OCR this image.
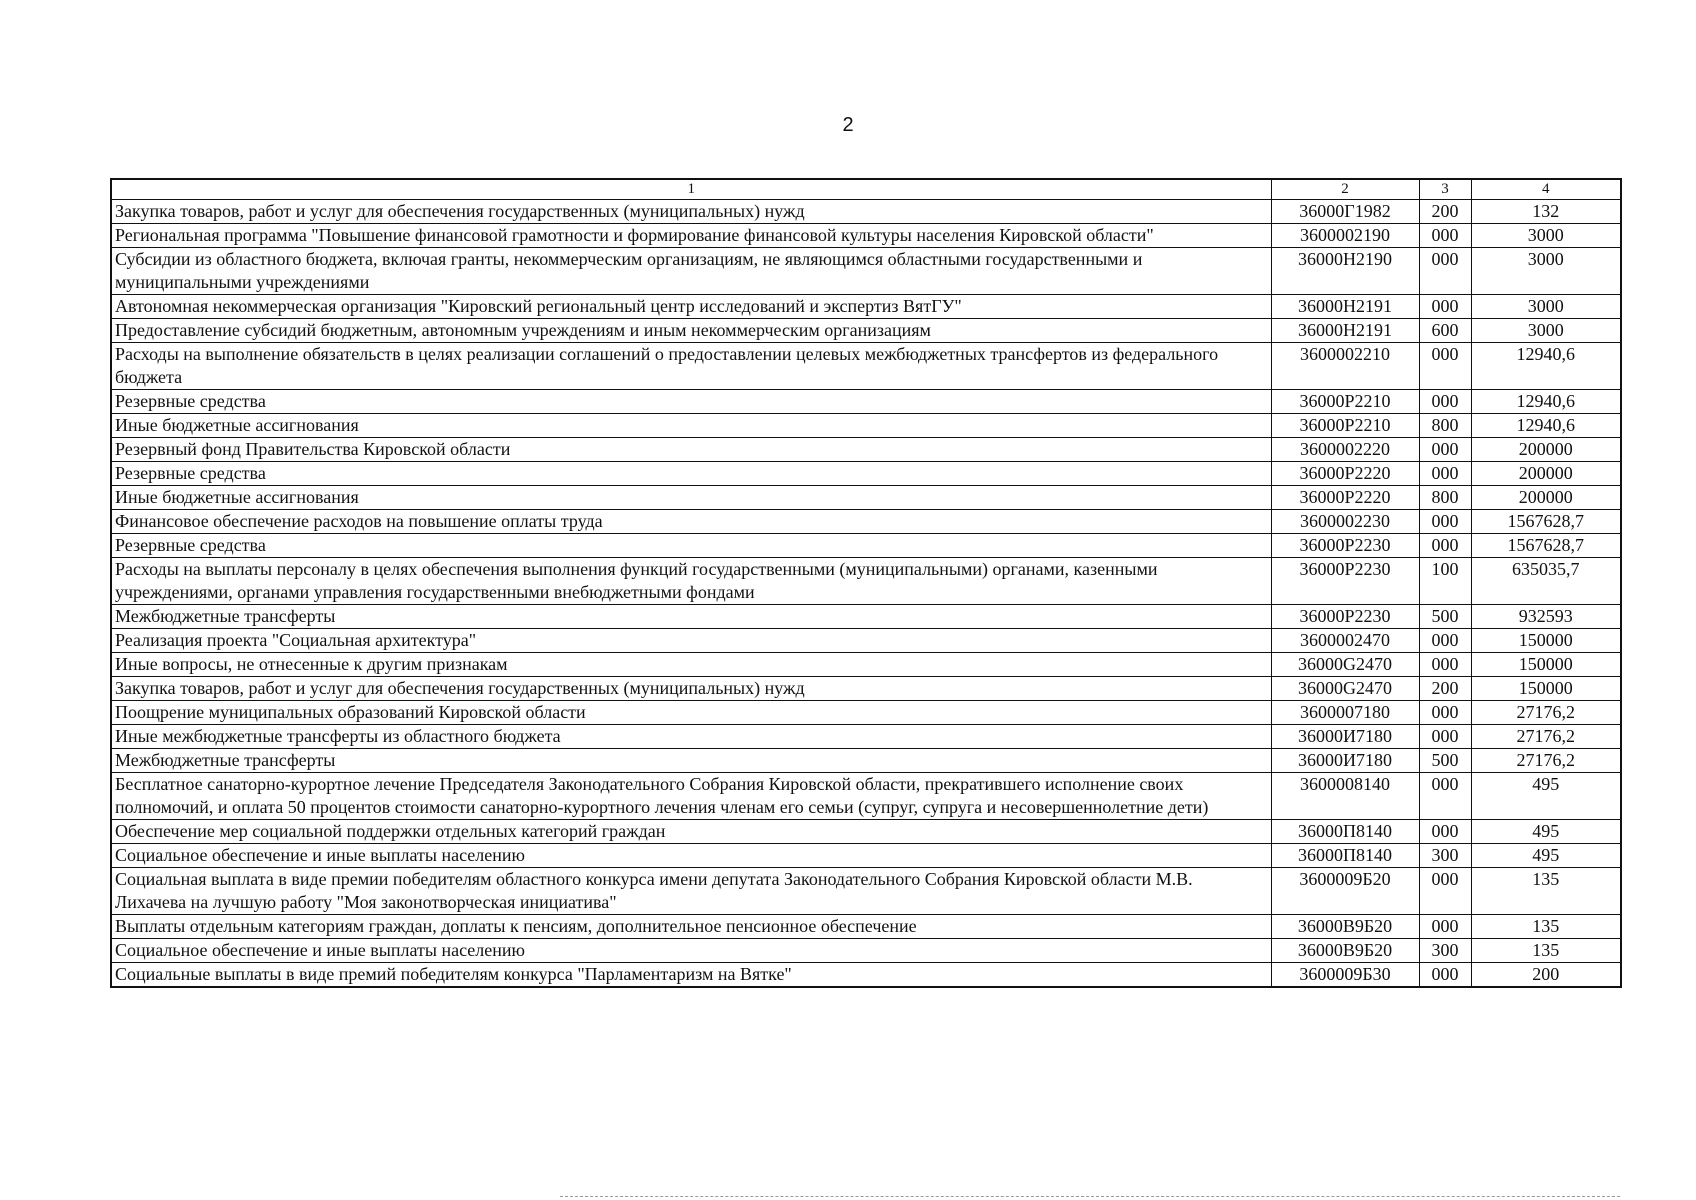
2
1	2	3	4
Закупка товаров, работ и услуг для обеспечения государственных (муниципальных) нужд	36000Г1982	200	132
Региональная программа "Повышение финансовой грамотности и формирование финансовой культуры населения Кировской области"	3600002190	000	3000
Субсидии из областного бюджета, включая гранты, некоммерческим организациям, не являющимся областными государственными и муниципальными учреждениями	36000Н2190	000	3000
Автономная некоммерческая организация "Кировский региональный центр исследований и экспертиз ВятГУ"	36000Н2191	000	3000
Предоставление субсидий бюджетным, автономным учреждениям и иным некоммерческим организациям	36000Н2191	600	3000
Расходы на выполнение обязательств в целях реализации соглашений о предоставлении целевых межбюджетных трансфертов из федерального бюджета	3600002210	000	12940,6
Резервные средства	36000Р2210	000	12940,6
Иные бюджетные ассигнования	36000Р2210	800	12940,6
Резервный фонд Правительства Кировской области	3600002220	000	200000
Резервные средства	36000Р2220	000	200000
Иные бюджетные ассигнования	36000Р2220	800	200000
Финансовое обеспечение расходов на повышение оплаты труда	3600002230	000	1567628,7
Резервные средства	36000Р2230	000	1567628,7
Расходы на выплаты персоналу в целях обеспечения выполнения функций государственными (муниципальными) органами, казенными учреждениями, органами управления государственными внебюджетными фондами	36000Р2230	100	635035,7
Межбюджетные трансферты	36000Р2230	500	932593
Реализация проекта "Социальная архитектура"	3600002470	000	150000
Иные вопросы, не отнесенные к другим признакам	36000G2470	000	150000
Закупка товаров, работ и услуг для обеспечения государственных (муниципальных) нужд	36000G2470	200	150000
Поощрение муниципальных образований Кировской области	3600007180	000	27176,2
Иные межбюджетные трансферты из областного бюджета	36000И7180	000	27176,2
Межбюджетные трансферты	36000И7180	500	27176,2
Бесплатное санаторно-курортное лечение Председателя Законодательного Собрания Кировской области, прекратившего исполнение своих полномочий, и оплата 50 процентов стоимости санаторно-курортного лечения членам его семьи (супруг, супруга и несовершеннолетние дети)	3600008140	000	495
Обеспечение мер социальной поддержки отдельных категорий граждан	36000П8140	000	495
Социальное обеспечение и иные выплаты населению	36000П8140	300	495
Социальная выплата в виде премии победителям областного конкурса имени депутата Законодательного Собрания Кировской области М.В. Лихачева на лучшую работу "Моя законотворческая инициатива"	3600009Б20	000	135
Выплаты отдельным категориям граждан, доплаты к пенсиям, дополнительное пенсионное обеспечение	36000В9Б20	000	135
Социальное обеспечение и иные выплаты населению	36000В9Б20	300	135
Социальные выплаты в виде премий победителям конкурса "Парламентаризм на Вятке"	3600009Б30	000	200
